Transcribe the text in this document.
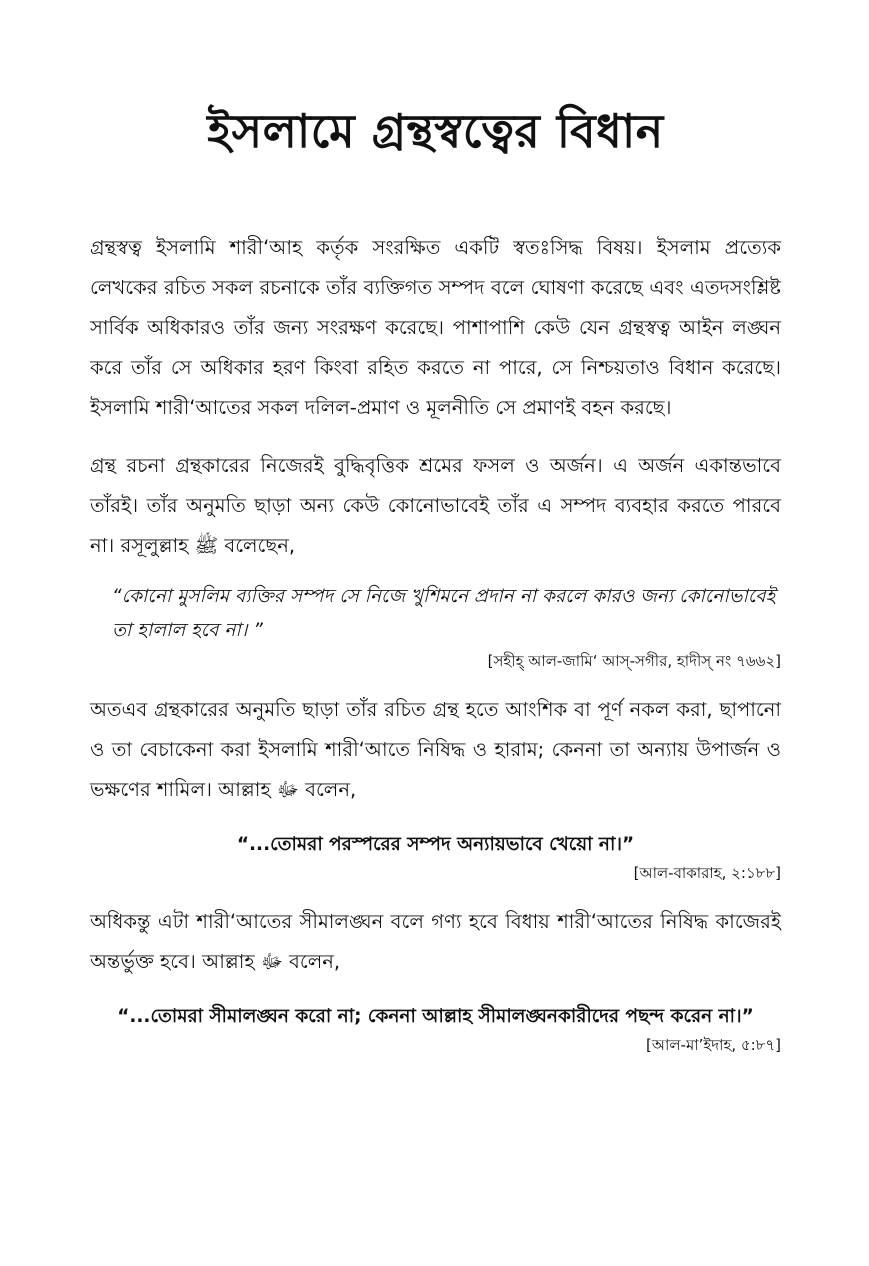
ইসলামে গ্রন্থস্বত্বের বিধান

গ্রন্থস্বত্ব ইসলামি শারী‘আহ কর্তৃক সংরক্ষিত একটি স্বতঃসিদ্ধ বিষয়। ইসলাম প্রত্যেক লেখকের রচিত সকল রচনাকে তাঁর ব্যক্তিগত সম্পদ বলে ঘোষণা করেছে এবং এতদসংশ্লিষ্ট সার্বিক অধিকারও তাঁর জন্য সংরক্ষণ করেছে। পাশাপাশি কেউ যেন গ্রন্থস্বত্ব আইন লঙ্ঘন করে তাঁর সে অধিকার হরণ কিংবা রহিত করতে না পারে, সে নিশ্চয়তাও বিধান করেছে। ইসলামি শারী‘আতের সকল দলিল-প্রমাণ ও মূলনীতি সে প্রমাণই বহন করছে।

গ্রন্থ রচনা গ্রন্থকারের নিজেরই বুদ্ধিবৃত্তিক শ্রমের ফসল ও অর্জন। এ অর্জন একান্তভাবে তাঁরই। তাঁর অনুমতি ছাড়া অন্য কেউ কোনোভাবেই তাঁর এ সম্পদ ব্যবহার করতে পারবে না। রসূলুল্লাহ ﷺ বলেছেন,

“কোনো মুসলিম ব্যক্তির সম্পদ সে নিজে খুশিমনে প্রদান না করলে কারও জন্য কোনোভাবেই তা হালাল হবে না। ”

[সহীহ্ আল-জামি‘ আস্-সগীর, হাদীস্ নং ৭৬৬২]

অতএব গ্রন্থকারের অনুমতি ছাড়া তাঁর রচিত গ্রন্থ হতে আংশিক বা পূর্ণ নকল করা, ছাপানো ও তা বেচাকেনা করা ইসলামি শারী‘আতে নিষিদ্ধ ও হারাম; কেননা তা অন্যায় উপার্জন ও ভক্ষণের শামিল। আল্লাহ ﷻ বলেন,

“...তোমরা পরস্পরের সম্পদ অন্যায়ভাবে খেয়ো না।”

[আল-বাকারাহ, ২:১৮৮]

অধিকন্তু এটা শারী‘আতের সীমালঙ্ঘন বলে গণ্য হবে বিধায় শারী‘আতের নিষিদ্ধ কাজেরই অন্তর্ভুক্ত হবে। আল্লাহ ﷻ বলেন,

“...তোমরা সীমালঙ্ঘন করো না; কেননা আল্লাহ সীমালঙ্ঘনকারীদের পছন্দ করেন না।”

[আল-মা’ইদাহ, ৫:৮৭]
